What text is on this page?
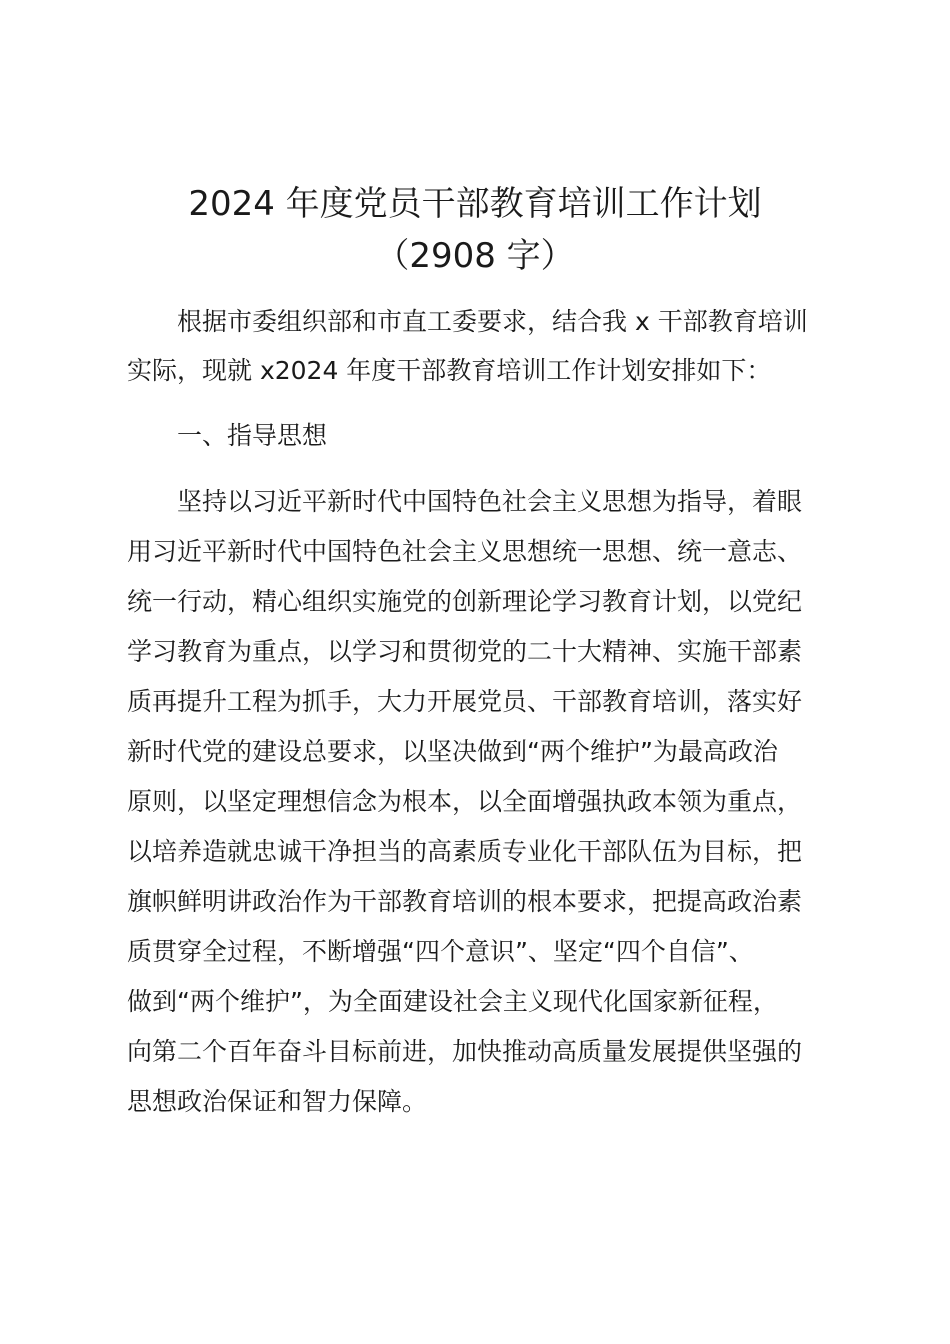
2024 年度党员干部教育培训工作计划
（2908 字）
根据市委组织部和市直工委要求，结合我 x 干部教育培训
实际，现就 x2024 年度干部教育培训工作计划安排如下：
一、指导思想
坚持以习近平新时代中国特色社会主义思想为指导，着眼
用习近平新时代中国特色社会主义思想统一思想、统一意志、
统一行动，精心组织实施党的创新理论学习教育计划，以党纪
学习教育为重点，以学习和贯彻党的二十大精神、实施干部素
质再提升工程为抓手，大力开展党员、干部教育培训，落实好
新时代党的建设总要求，以坚决做到“两个维护”为最高政治
原则，以坚定理想信念为根本，以全面增强执政本领为重点，
以培养造就忠诚干净担当的高素质专业化干部队伍为目标，把
旗帜鲜明讲政治作为干部教育培训的根本要求，把提高政治素
质贯穿全过程，不断增强“四个意识”、坚定“四个自信”、
做到“两个维护”，为全面建设社会主义现代化国家新征程，
向第二个百年奋斗目标前进，加快推动高质量发展提供坚强的
思想政治保证和智力保障。
